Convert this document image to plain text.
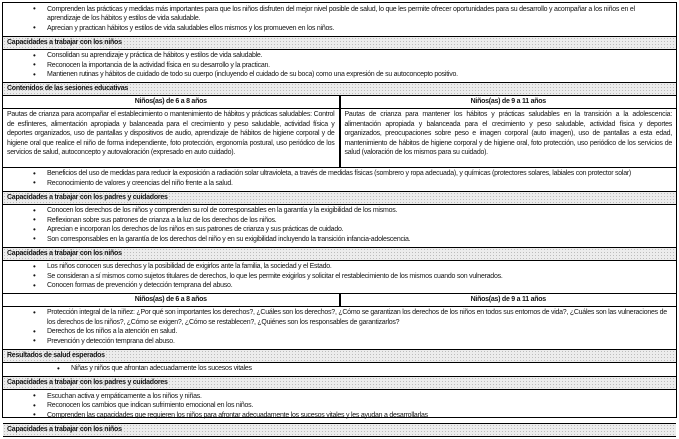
• Comprenden las prácticas y medidas más importantes para que los niños disfruten del mejor nivel posible de salud, lo que les permite ofrecer oportunidades para su desarrollo y acompañar a los niños en el aprendizaje de los hábitos y estilos de vida saludable.
• Aprecian y practican hábitos y estilos de vida saludables ellos mismos y los promueven en los niños.
Capacidades a trabajar con los niños
• Consolidan su aprendizaje y práctica de hábitos y estilos de vida saludable.
• Reconocen la importancia de la actividad física en su desarrollo y la practican.
• Mantienen rutinas y hábitos de cuidado de todo su cuerpo (incluyendo el cuidado de su boca) como una expresión de su autoconcepto positivo.
Contenidos de las sesiones educativas
Niños(as) de 6 a 8 años	Niños(as) de 9 a 11 años
Pautas de crianza para acompañar el establecimiento o mantenimiento de hábitos y prácticas saludables: Control de esfínteres, alimentación apropiada y balanceada para el crecimiento y peso saludable, actividad física y deportes organizados, uso de pantallas y dispositivos de audio, aprendizaje de hábitos de higiene corporal y de higiene oral que realice el niño de forma independiente, foto protección, ergonomía postural, uso periódico de los servicios de salud, autoconcepto y autovaloración (expresado en auto cuidado).
Pautas de crianza para mantener los hábitos y prácticas saludables en la transición a la adolescencia: alimentación apropiada y balanceada para el crecimiento y peso saludable, actividad física y deportes organizados, preocupaciones sobre peso e imagen corporal (auto imagen), uso de pantallas a esta edad, mantenimiento de hábitos de higiene corporal y de higiene oral, foto protección, uso periódico de los servicios de salud (valoración de los mismos para su cuidado).
• Beneficios del uso de medidas para reducir la exposición a radiación solar ultravioleta, a través de medidas físicas (sombrero y ropa adecuada), y químicas (protectores solares, labiales con protector solar)
• Reconocimiento de valores y creencias del niño frente a la salud.
Capacidades a trabajar con los padres y cuidadores
• Conocen los derechos de los niños y comprenden su rol de corresponsables en la garantía y la exigibilidad de los mismos.
• Reflexionan sobre sus patrones de crianza a la luz de los derechos de los niños.
• Aprecian e incorporan los derechos de los niños en sus patrones de crianza y sus prácticas de cuidado.
• Son corresponsables en la garantía de los derechos del niño y en su exigibilidad incluyendo la transición infancia-adolescencia.
Capacidades a trabajar con los niños
• Los niños conocen sus derechos y la posibilidad de exigirlos ante la familia, la sociedad y el Estado.
• Se consideran a sí mismos como sujetos titulares de derechos, lo que les permite exigirlos y solicitar el restablecimiento de los mismos cuando son vulnerados.
• Conocen formas de prevención y detección temprana del abuso.
Niños(as) de 6 a 8 años	Niños(as) de 9 a 11 años
• Protección integral de la niñez: ¿Por qué son importantes los derechos?, ¿Cuáles son los derechos?, ¿Cómo se garantizan los derechos de los niños en todos sus entornos de vida?, ¿Cuáles son las vulneraciones de los derechos de los niños?, ¿Cómo se exigen?, ¿Cómo se restablecen?, ¿Quiénes son los responsables de garantizarlos?
• Derechos de los niños a la atención en salud.
• Prevención y detección temprana del abuso.
Resultados de salud esperados
• Niñas y niños que afrontan adecuadamente los sucesos vitales
Capacidades a trabajar con los padres y cuidadores
• Escuchan activa y empáticamente a los niños y niñas.
• Reconocen los cambios que indican sufrimiento emocional en los niños.
• Comprenden las capacidades que requieren los niños para afrontar adecuadamente los sucesos vitales y les ayudan a desarrollarlas
Capacidades a trabajar con los niños
